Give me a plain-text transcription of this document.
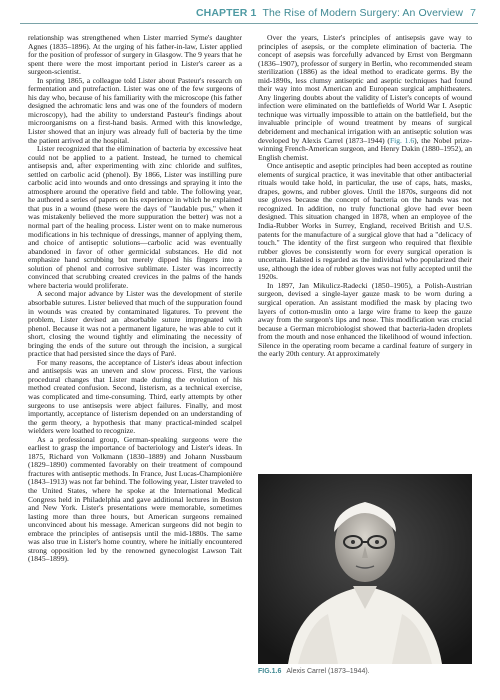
CHAPTER 1 The Rise of Modern Surgery: An Overview 7

relationship was strengthened when Lister married Syme's daughter Agnes (1835–1896). At the urging of his father-in-law, Lister applied for the position of professor of surgery in Glasgow. The 9 years that he spent there were the most important period in Lister's career as a surgeon-scientist.

In spring 1865, a colleague told Lister about Pasteur's research on fermentation and putrefaction. Lister was one of the few surgeons of his day who, because of his familiarity with the microscope (his father designed the achromatic lens and was one of the founders of modern microscopy), had the ability to understand Pasteur's findings about microorganisms on a first-hand basis. Armed with this knowledge, Lister showed that an injury was already full of bacteria by the time the patient arrived at the hospital.

Lister recognized that the elimination of bacteria by excessive heat could not be applied to a patient. Instead, he turned to chemical antisepsis and, after experimenting with zinc chloride and sulfites, settled on carbolic acid (phenol). By 1866, Lister was instilling pure carbolic acid into wounds and onto dressings and spraying it into the atmosphere around the operative field and table. The following year, he authored a series of papers on his experience in which he explained that pus in a wound (these were the days of "laudable pus," when it was mistakenly believed the more suppuration the better) was not a normal part of the healing process. Lister went on to make numerous modifications in his technique of dressings, manner of applying them, and choice of antiseptic solutions—carbolic acid was eventually abandoned in favor of other germicidal substances. He did not emphasize hand scrubbing but merely dipped his fingers into a solution of phenol and corrosive sublimate. Lister was incorrectly convinced that scrubbing created crevices in the palms of the hands where bacteria would proliferate.

A second major advance by Lister was the development of sterile absorbable sutures. Lister believed that much of the suppuration found in wounds was created by contaminated ligatures. To prevent the problem, Lister devised an absorbable suture impregnated with phenol. Because it was not a permanent ligature, he was able to cut it short, closing the wound tightly and eliminating the necessity of bringing the ends of the suture out through the incision, a surgical practice that had persisted since the days of Paré.

For many reasons, the acceptance of Lister's ideas about infection and antisepsis was an uneven and slow process. First, the various procedural changes that Lister made during the evolution of his method created confusion. Second, listerism, as a technical exercise, was complicated and time-consuming. Third, early attempts by other surgeons to use antisepsis were abject failures. Finally, and most importantly, acceptance of listerism depended on an understanding of the germ theory, a hypothesis that many practical-minded scalpel wielders were loathed to recognize.

As a professional group, German-speaking surgeons were the earliest to grasp the importance of bacteriology and Lister's ideas. In 1875, Richard von Volkmann (1830–1889) and Johann Nussbaum (1829–1890) commented favorably on their treatment of compound fractures with antiseptic methods. In France, Just Lucas-Championière (1843–1913) was not far behind. The following year, Lister traveled to the United States, where he spoke at the International Medical Congress held in Philadelphia and gave additional lectures in Boston and New York. Lister's presentations were memorable, sometimes lasting more than three hours, but American surgeons remained unconvinced about his message. American surgeons did not begin to embrace the principles of antisepsis until the mid-1880s. The same was also true in Lister's home country, where he initially encountered strong opposition led by the renowned gynecologist Lawson Tait (1845–1899).

Over the years, Lister's principles of antisepsis gave way to principles of asepsis, or the complete elimination of bacteria. The concept of asepsis was forcefully advanced by Ernst von Bergmann (1836–1907), professor of surgery in Berlin, who recommended steam sterilization (1886) as the ideal method to eradicate germs. By the mid-1890s, less clumsy antiseptic and aseptic techniques had found their way into most American and European surgical amphitheaters. Any lingering doubts about the validity of Lister's concepts of wound infection were eliminated on the battlefields of World War I. Aseptic technique was virtually impossible to attain on the battlefield, but the invaluable principle of wound treatment by means of surgical debridement and mechanical irrigation with an antiseptic solution was developed by Alexis Carrel (1873–1944) (Fig. 1.6), the Nobel prize-winning French-American surgeon, and Henry Dakin (1880–1952), an English chemist.

Once antiseptic and aseptic principles had been accepted as routine elements of surgical practice, it was inevitable that other antibacterial rituals would take hold, in particular, the use of caps, hats, masks, drapes, gowns, and rubber gloves. Until the 1870s, surgeons did not use gloves because the concept of bacteria on the hands was not recognized. In addition, no truly functional glove had ever been designed. This situation changed in 1878, when an employee of the India-Rubber Works in Surrey, England, received British and U.S. patents for the manufacture of a surgical glove that had a "delicacy of touch." The identity of the first surgeon who required that flexible rubber gloves be consistently worn for every surgical operation is uncertain. Halsted is regarded as the individual who popularized their use, although the idea of rubber gloves was not fully accepted until the 1920s.

In 1897, Jan Mikulicz-Radecki (1850–1905), a Polish-Austrian surgeon, devised a single-layer gauze mask to be worn during a surgical operation. An assistant modified the mask by placing two layers of cotton-muslin onto a large wire frame to keep the gauze away from the surgeon's lips and nose. This modification was crucial because a German microbiologist showed that bacteria-laden droplets from the mouth and nose enhanced the likelihood of wound infection. Silence in the operating room became a cardinal feature of surgery in the early 20th century. At approximately

FIG.1.6 Alexis Carrel (1873–1944).
